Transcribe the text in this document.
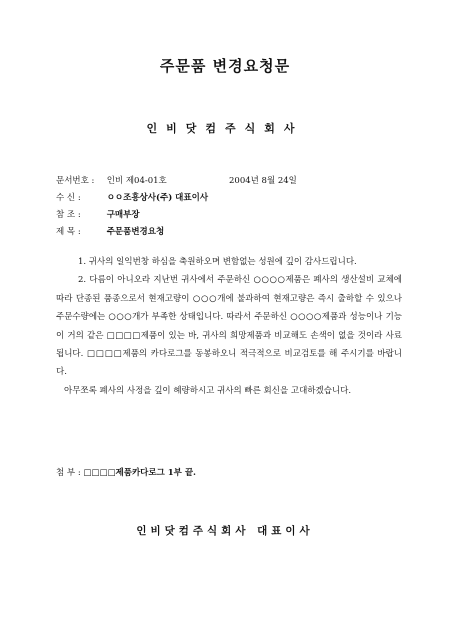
주문품 변경요청문
인비닷컴주식회사
문서번호 : 인비 제04-01호	2004년 8월 24일
수 신 :	ㅇㅇ조흥상사(주) 대표이사
참 조 :	구매부장
제 목 :	주문품변경요청

1. 귀사의 일익번창 하심을 축원하오며 변함없는 성원에 깊이 감사드립니다.

2. 다름이 아니오라 지난번 귀사에서 주문하신 ○○○○제품은 폐사의 생산설비 교체에 따라 단종된 품종으로서 현재고량이 ○○○개에 불과하여 현재고량은 즉시 출하할 수 있으나 주문수량에는 ○○○개가 부족한 상태입니다. 따라서 주문하신 ○○○○제품과 성능이나 기능이 거의 같은 □□□□제품이 있는 바, 귀사의 희망제품과 비교해도 손색이 없을 것이라 사료됩니다. □□□□제품의 카다로그를 동봉하오니 적극적으로 비교검토를 해 주시기를 바랍니다.

아무쪼록 폐사의 사정을 깊이 혜량하시고 귀사의 빠른 회신을 고대하겠습니다.

첨 부 : □□□□제품카다로그 1부 끝.
인비닷컴주식회사 대표이사
